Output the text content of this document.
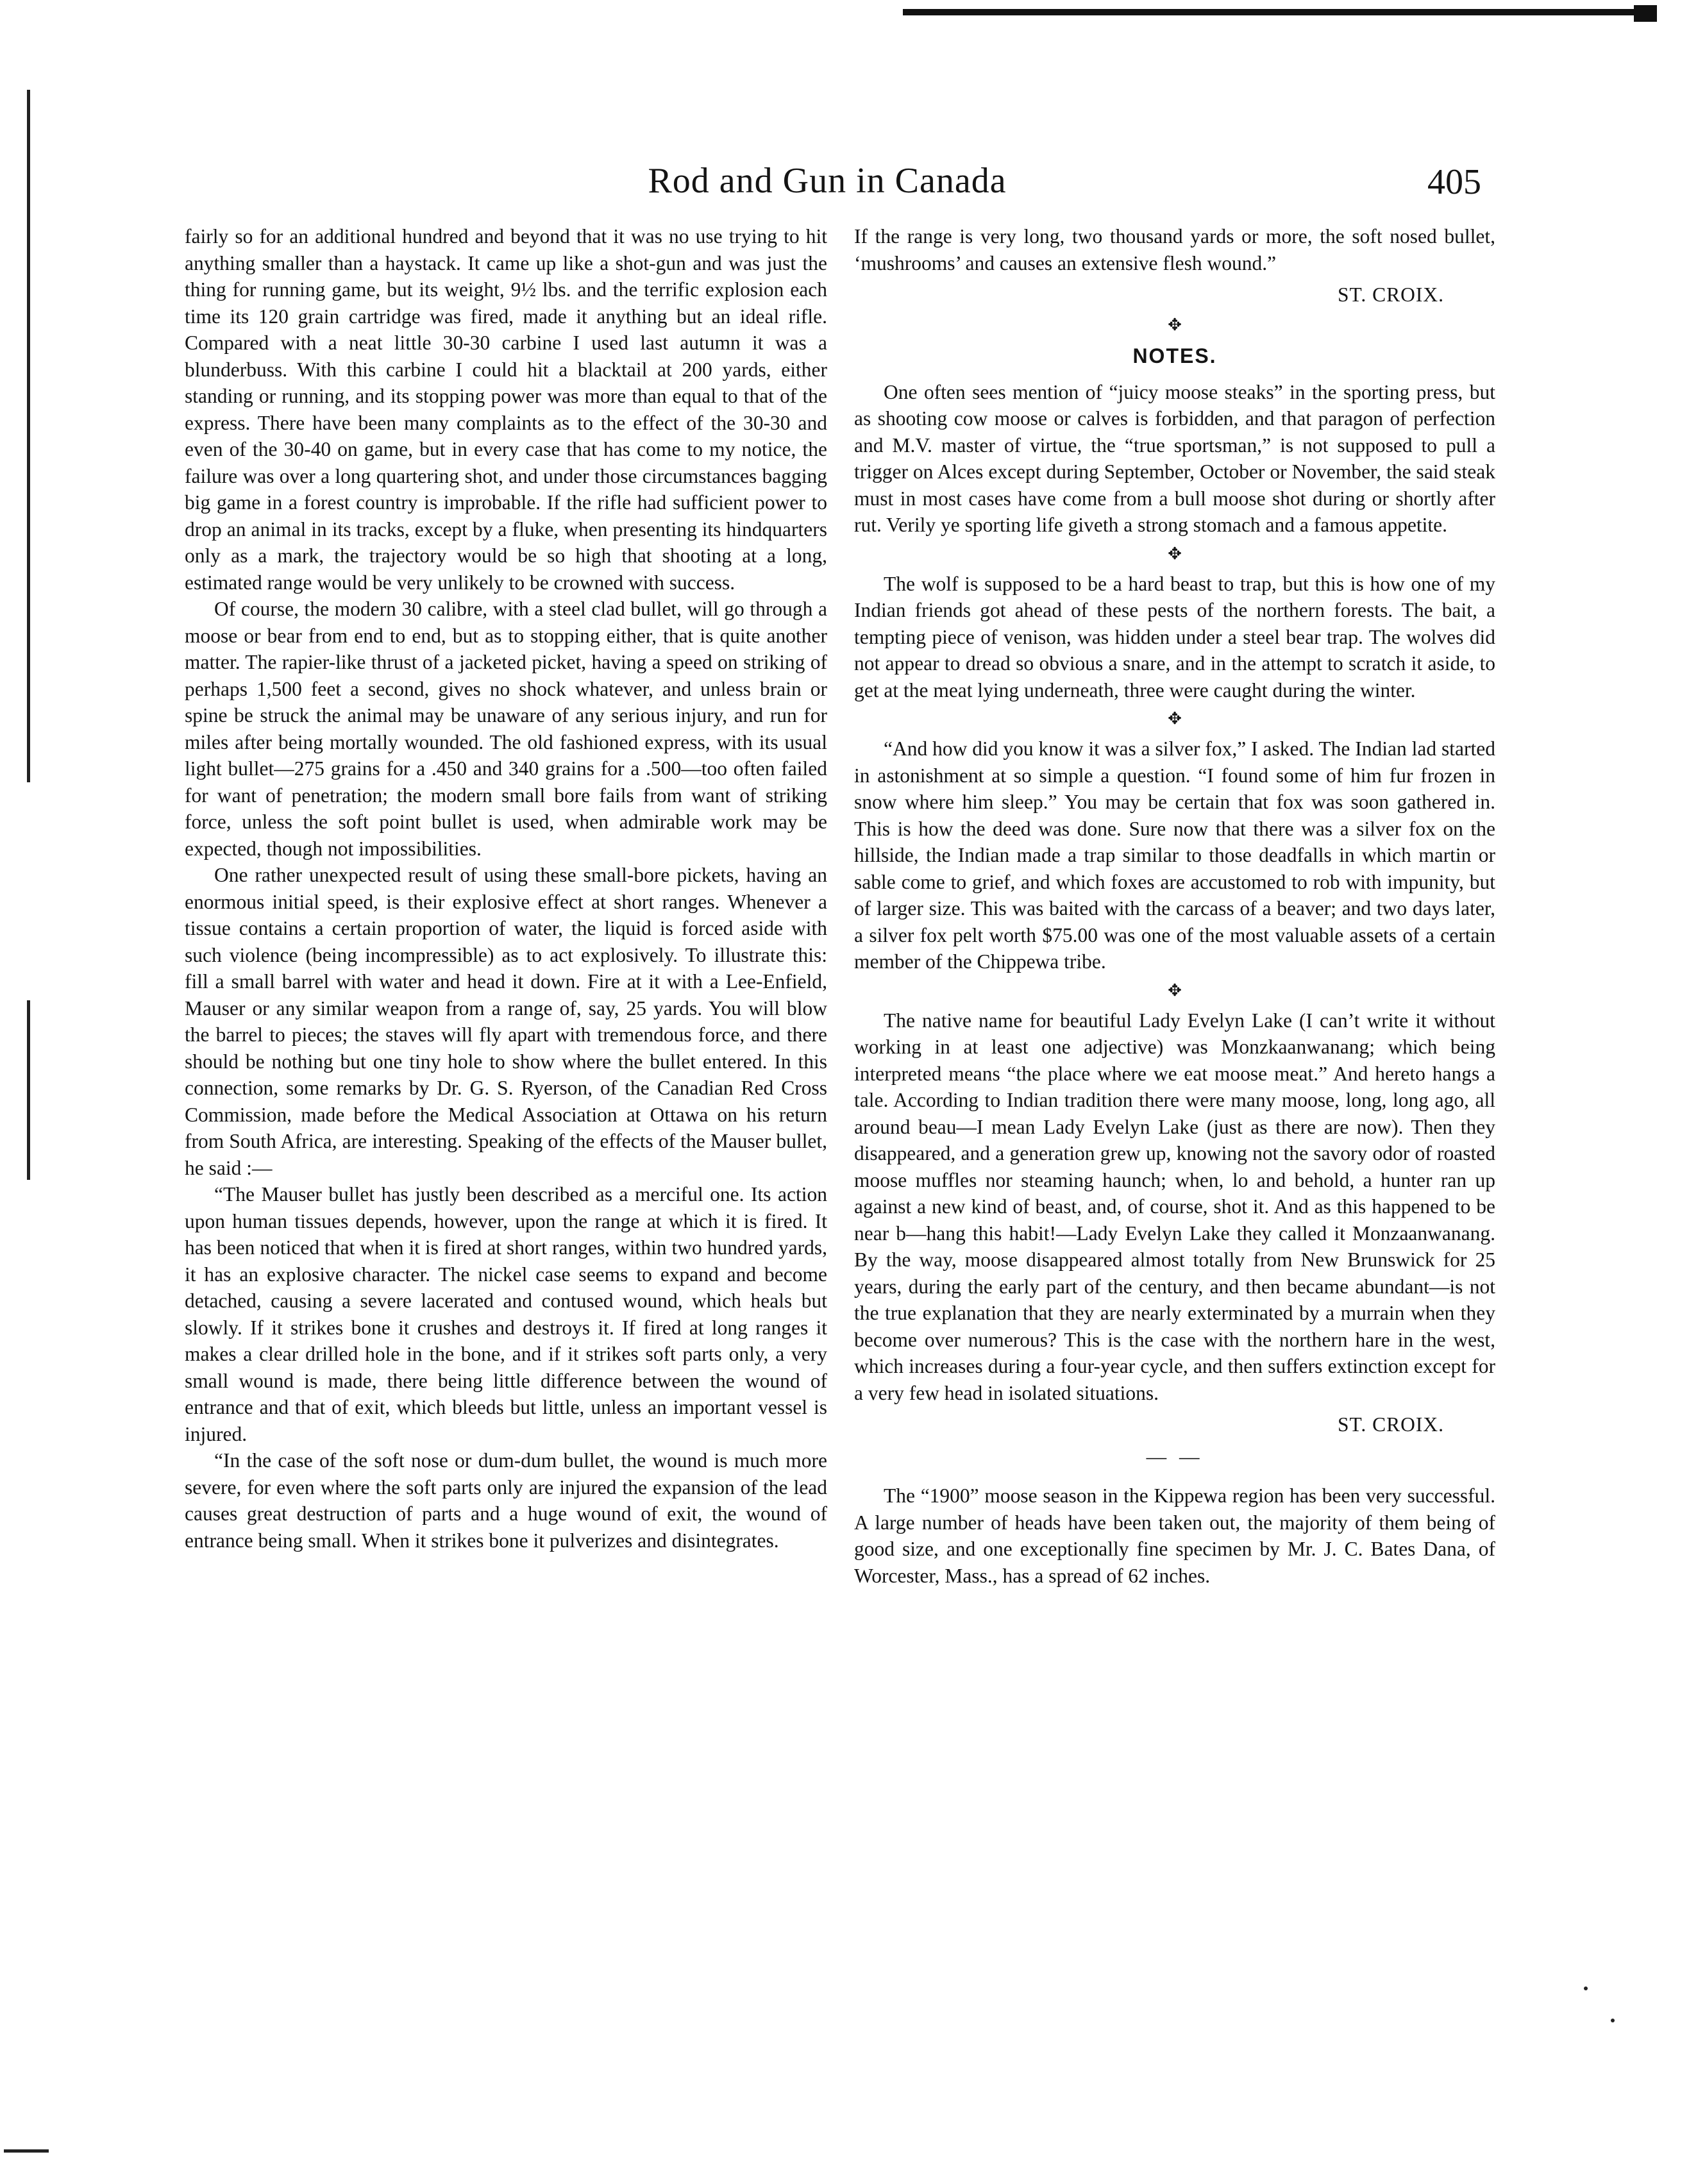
Rod and Gun in Canada	405

fairly so for an additional hundred and beyond that it was no use trying to hit anything smaller than a haystack. It came up like a shot-gun and was just the thing for running game, but its weight, 9½ lbs. and the terrific explosion each time its 120 grain cartridge was fired, made it anything but an ideal rifle. Compared with a neat little 30-30 carbine I used last autumn it was a blunderbuss. With this carbine I could hit a blacktail at 200 yards, either standing or running, and its stopping power was more than equal to that of the express. There have been many complaints as to the effect of the 30-30 and even of the 30-40 on game, but in every case that has come to my notice, the failure was over a long quartering shot, and under those circumstances bagging big game in a forest country is improbable. If the rifle had sufficient power to drop an animal in its tracks, except by a fluke, when presenting its hindquarters only as a mark, the trajectory would be so high that shooting at a long, estimated range would be very unlikely to be crowned with success.

Of course, the modern 30 calibre, with a steel clad bullet, will go through a moose or bear from end to end, but as to stopping either, that is quite another matter. The rapier-like thrust of a jacketed picket, having a speed on striking of perhaps 1,500 feet a second, gives no shock whatever, and unless brain or spine be struck the animal may be unaware of any serious injury, and run for miles after being mortally wounded. The old fashioned express, with its usual light bullet—275 grains for a .450 and 340 grains for a .500—too often failed for want of penetration; the modern small bore fails from want of striking force, unless the soft point bullet is used, when admirable work may be expected, though not impossibilities.

One rather unexpected result of using these small-bore pickets, having an enormous initial speed, is their explosive effect at short ranges. Whenever a tissue contains a certain proportion of water, the liquid is forced aside with such violence (being incompressible) as to act explosively. To illustrate this: fill a small barrel with water and head it down. Fire at it with a Lee-Enfield, Mauser or any similar weapon from a range of, say, 25 yards. You will blow the barrel to pieces; the staves will fly apart with tremendous force, and there should be nothing but one tiny hole to show where the bullet entered. In this connection, some remarks by Dr. G. S. Ryerson, of the Canadian Red Cross Commission, made before the Medical Association at Ottawa on his return from South Africa, are interesting. Speaking of the effects of the Mauser bullet, he said :—

“The Mauser bullet has justly been described as a merciful one. Its action upon human tissues depends, however, upon the range at which it is fired. It has been noticed that when it is fired at short ranges, within two hundred yards, it has an explosive character. The nickel case seems to expand and become detached, causing a severe lacerated and contused wound, which heals but slowly. If it strikes bone it crushes and destroys it. If fired at long ranges it makes a clear drilled hole in the bone, and if it strikes soft parts only, a very small wound is made, there being little difference between the wound of entrance and that of exit, which bleeds but little, unless an important vessel is injured.

“In the case of the soft nose or dum-dum bullet, the wound is much more severe, for even where the soft parts only are injured the expansion of the lead causes great destruction of parts and a huge wound of exit, the wound of entrance being small. When it strikes bone it pulverizes and disintegrates.

If the range is very long, two thousand yards or more, the soft nosed bullet, ‘mushrooms’ and causes an extensive flesh wound.”

ST. CROIX.
✥
NOTES.

One often sees mention of “juicy moose steaks” in the sporting press, but as shooting cow moose or calves is forbidden, and that paragon of perfection and M.V. master of virtue, the “true sportsman,” is not supposed to pull a trigger on Alces except during September, October or November, the said steak must in most cases have come from a bull moose shot during or shortly after rut. Verily ye sporting life giveth a strong stomach and a famous appetite.

✥

The wolf is supposed to be a hard beast to trap, but this is how one of my Indian friends got ahead of these pests of the northern forests. The bait, a tempting piece of venison, was hidden under a steel bear trap. The wolves did not appear to dread so obvious a snare, and in the attempt to scratch it aside, to get at the meat lying underneath, three were caught during the winter.

✥

“And how did you know it was a silver fox,” I asked. The Indian lad started in astonishment at so simple a question. “I found some of him fur frozen in snow where him sleep.” You may be certain that fox was soon gathered in. This is how the deed was done. Sure now that there was a silver fox on the hillside, the Indian made a trap similar to those deadfalls in which martin or sable come to grief, and which foxes are accustomed to rob with impunity, but of larger size. This was baited with the carcass of a beaver; and two days later, a silver fox pelt worth $75.00 was one of the most valuable assets of a certain member of the Chippewa tribe.

✥

The native name for beautiful Lady Evelyn Lake (I can’t write it without working in at least one adjective) was Monzkaanwanang; which being interpreted means “the place where we eat moose meat.” And hereto hangs a tale. According to Indian tradition there were many moose, long, long ago, all around beau—I mean Lady Evelyn Lake (just as there are now). Then they disappeared, and a generation grew up, knowing not the savory odor of roasted moose muffles nor steaming haunch; when, lo and behold, a hunter ran up against a new kind of beast, and, of course, shot it. And as this happened to be near b—hang this habit!—Lady Evelyn Lake they called it Monzaanwanang. By the way, moose disappeared almost totally from New Brunswick for 25 years, during the early part of the century, and then became abundant—is not the true explanation that they are nearly exterminated by a murrain when they become over numerous? This is the case with the northern hare in the west, which increases during a four-year cycle, and then suffers extinction except for a very few head in isolated situations.

ST. CROIX.
— —

The “1900” moose season in the Kippewa region has been very successful. A large number of heads have been taken out, the majority of them being of good size, and one exceptionally fine specimen by Mr. J. C. Bates Dana, of Worcester, Mass., has a spread of 62 inches.
